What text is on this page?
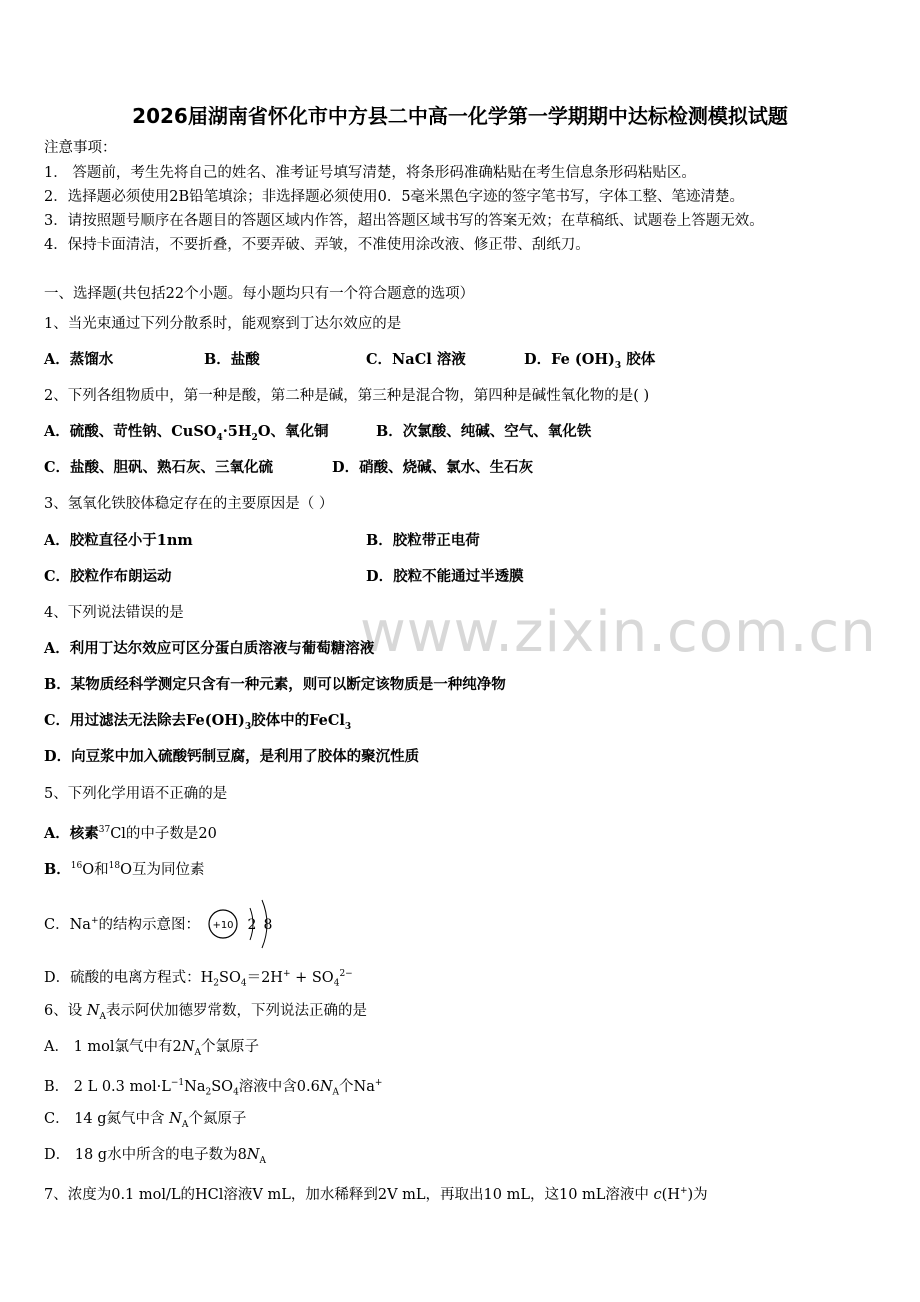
www.zixin.com.cn
2026届湖南省怀化市中方县二中高一化学第一学期期中达标检测模拟试题
注意事项：
1． 答题前，考生先将自己的姓名、准考证号填写清楚，将条形码准确粘贴在考生信息条形码粘贴区。
2．选择题必须使用2B铅笔填涂；非选择题必须使用0．5毫米黑色字迹的签字笔书写，字体工整、笔迹清楚。
3．请按照题号顺序在各题目的答题区域内作答，超出答题区域书写的答案无效；在草稿纸、试题卷上答题无效。
4．保持卡面清洁，不要折叠，不要弄破、弄皱，不准使用涂改液、修正带、刮纸刀。
一、选择题(共包括22个小题。每小题均只有一个符合题意的选项）
1、当光束通过下列分散系时，能观察到丁达尔效应的是
A．蒸馏水	B．盐酸	C．NaCl 溶液	D．Fe $(OH)_3$ 胶体
2、下列各组物质中，第一种是酸，第二种是碱，第三种是混合物，第四种是碱性氧化物的是( )
A．硫酸、苛性钠、$CuSO_4\cdot 5H_2O$、氧化铜	B．次氯酸、纯碱、空气、氧化铁
C．盐酸、胆矾、熟石灰、三氧化硫	D．硝酸、烧碱、氯水、生石灰
3、氢氧化铁胶体稳定存在的主要原因是（ ）
A．胶粒直径小于1nm	B．胶粒带正电荷
C．胶粒作布朗运动	D．胶粒不能通过半透膜
4、下列说法错误的是
A．利用丁达尔效应可区分蛋白质溶液与葡萄糖溶液
B．某物质经科学测定只含有一种元素，则可以断定该物质是一种纯净物
C．用过滤法无法除去$Fe(OH)_3$胶体中的FeCl$_3$
D．向豆浆中加入硫酸钙制豆腐，是利用了胶体的聚沉性质
5、下列化学用语不正确的是
A．核素$^{37}$Cl的中子数是20
B．$^{16}$O和$^{18}$O互为同位素
C．Na+的结构示意图： +10 2 8
D．硫酸的电离方程式：$H_2SO_4=2H^+ + SO_4^{2-}$
6、设 $N_A$表示阿伏加德罗常数，下列说法正确的是
A． 1 mol氯气中有$2N_A$个氯原子
B． 2 L 0.3 $mol\cdot L^{-1}Na_2SO_4$溶液中含$0.6N_A$个Na+
C． 14 g氮气中含 $N_A$个氮原子
D． 18 g水中所含的电子数为$8N_A$
7、浓度为0.1 mol/L的HCl溶液V mL，加水稀释到2V mL，再取出10 mL，这10 mL溶液中 c(H+)为
